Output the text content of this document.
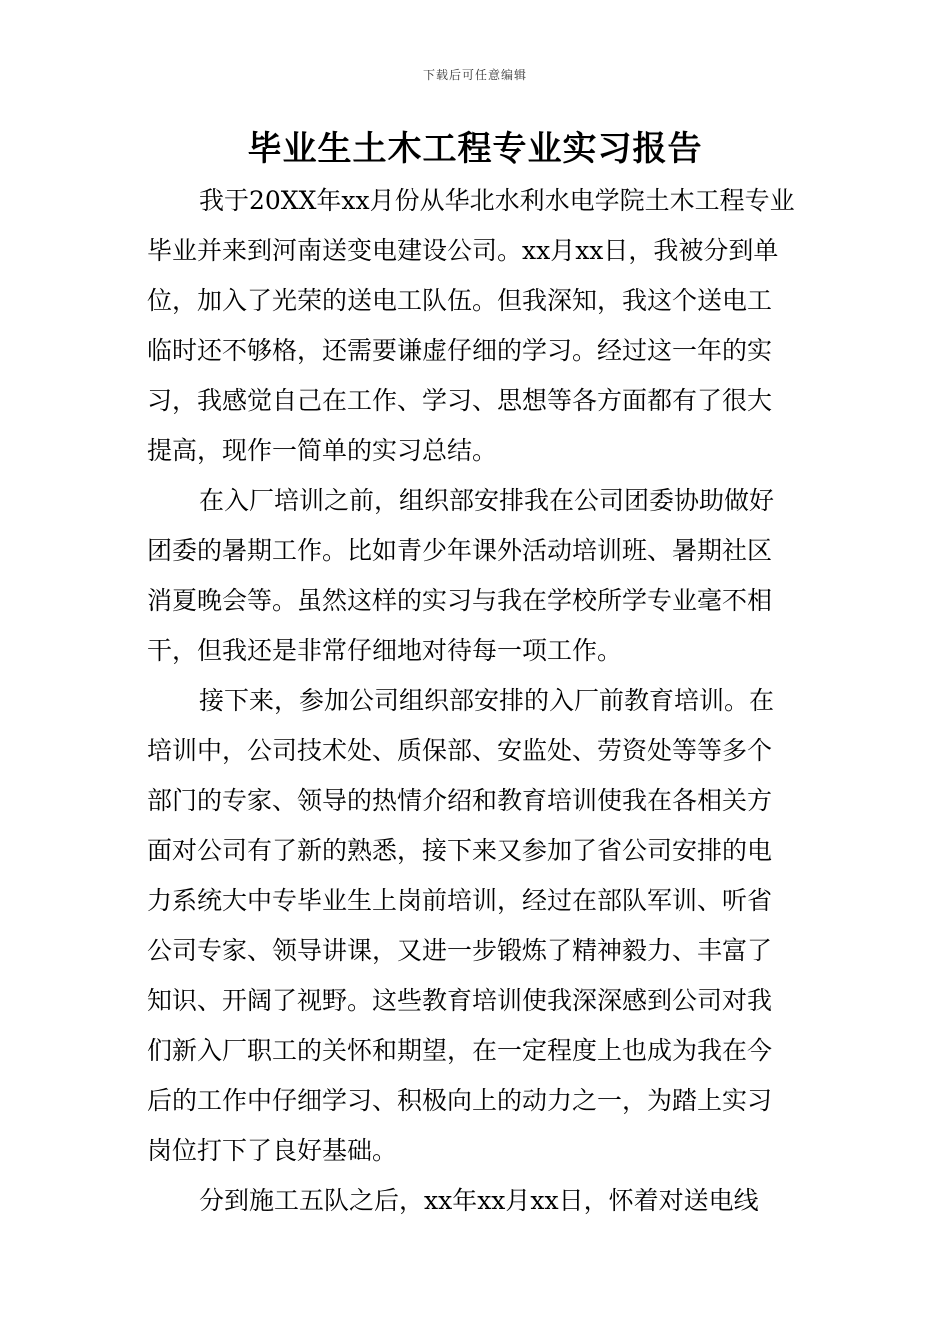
下载后可任意编辑
毕业生土木工程专业实习报告
我于20XX年xx月份从华北水利水电学院土木工程专业
毕业并来到河南送变电建设公司。xx月xx日，我被分到单
位，加入了光荣的送电工队伍。但我深知，我这个送电工
临时还不够格，还需要谦虚仔细的学习。经过这一年的实
习，我感觉自己在工作、学习、思想等各方面都有了很大
提高，现作一简单的实习总结。
在入厂培训之前，组织部安排我在公司团委协助做好
团委的暑期工作。比如青少年课外活动培训班、暑期社区
消夏晚会等。虽然这样的实习与我在学校所学专业毫不相
干，但我还是非常仔细地对待每一项工作。
接下来，参加公司组织部安排的入厂前教育培训。在
培训中，公司技术处、质保部、安监处、劳资处等等多个
部门的专家、领导的热情介绍和教育培训使我在各相关方
面对公司有了新的熟悉，接下来又参加了省公司安排的电
力系统大中专毕业生上岗前培训，经过在部队军训、听省
公司专家、领导讲课，又进一步锻炼了精神毅力、丰富了
知识、开阔了视野。这些教育培训使我深深感到公司对我
们新入厂职工的关怀和期望，在一定程度上也成为我在今
后的工作中仔细学习、积极向上的动力之一，为踏上实习
岗位打下了良好基础。
分到施工五队之后，xx年xx月xx日，怀着对送电线
